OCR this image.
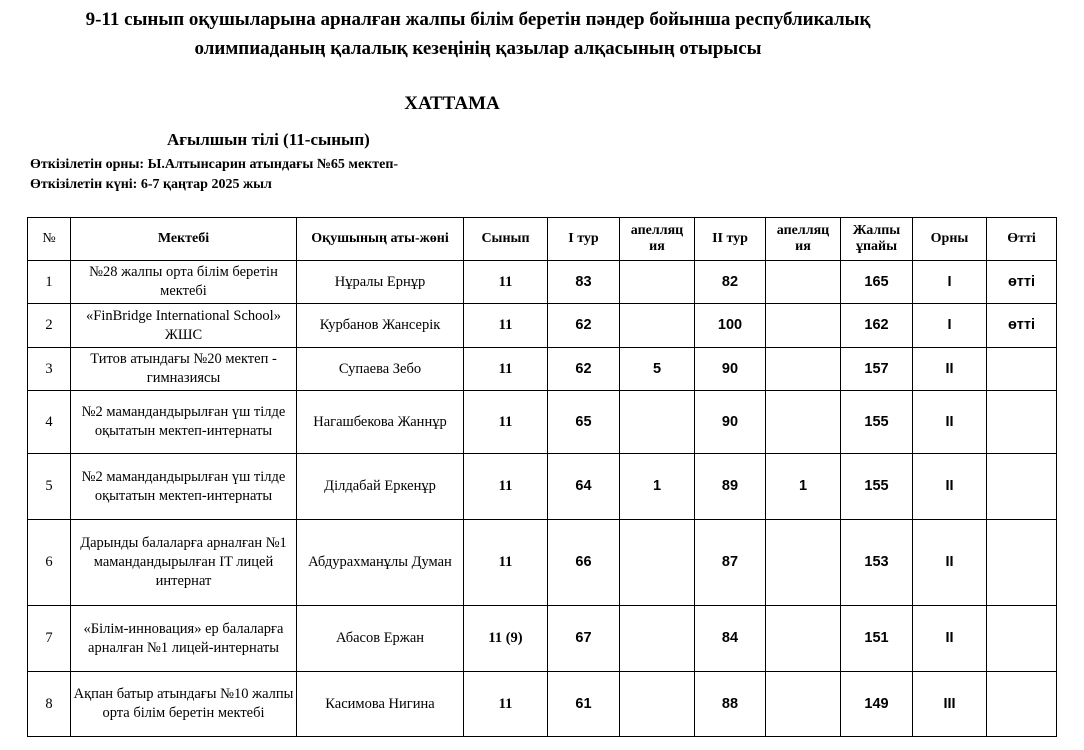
9-11 сынып оқушыларына арналған жалпы білім беретін пәндер бойынша республикалық
олимпиаданың қалалық кезеңінің қазылар алқасының отырысы
ХАТТАМА
Ағылшын тілі (11-сынып)
Өткізілетін орны: Ы.Алтынсарин атындағы №65 мектеп-
Өткізілетін күні: 6-7 қаңтар 2025 жыл
№	Мектебі	Оқушының аты-жөні	Сынып	І тур	апелляц ия	ІІ тур	апелляц ия	Жалпы ұпайы	Орны	Өтті
1	№28 жалпы орта білім беретін мектебі	Нұралы Ернұр	11	83		82		165	І	өтті
2	«FinBridge International School» ЖШС	Курбанов Жансерік	11	62		100		162	І	өтті
3	Титов атындағы №20 мектеп - гимназиясы	Супаева Зебо	11	62	5	90		157	ІІ	
4	№2 мамандандырылған үш тілде оқытатын мектеп-интернаты	Нагашбекова Жаннұр	11	65		90		155	ІІ	
5	№2 мамандандырылған үш тілде оқытатын мектеп-интернаты	Ділдабай Еркенұр	11	64	1	89	1	155	ІІ	
6	Дарынды балаларға арналған №1 мамандандырылған IT лицей интернат	Абдурахманұлы Думан	11	66		87		153	ІІ	
7	«Білім-инновация» ер балаларға арналған №1 лицей-интернаты	Абасов Ержан	11 (9)	67		84		151	ІІ	
8	Ақпан батыр атындағы №10 жалпы орта білім беретін мектебі	Касимова Нигина	11	61		88		149	ІІІ	
